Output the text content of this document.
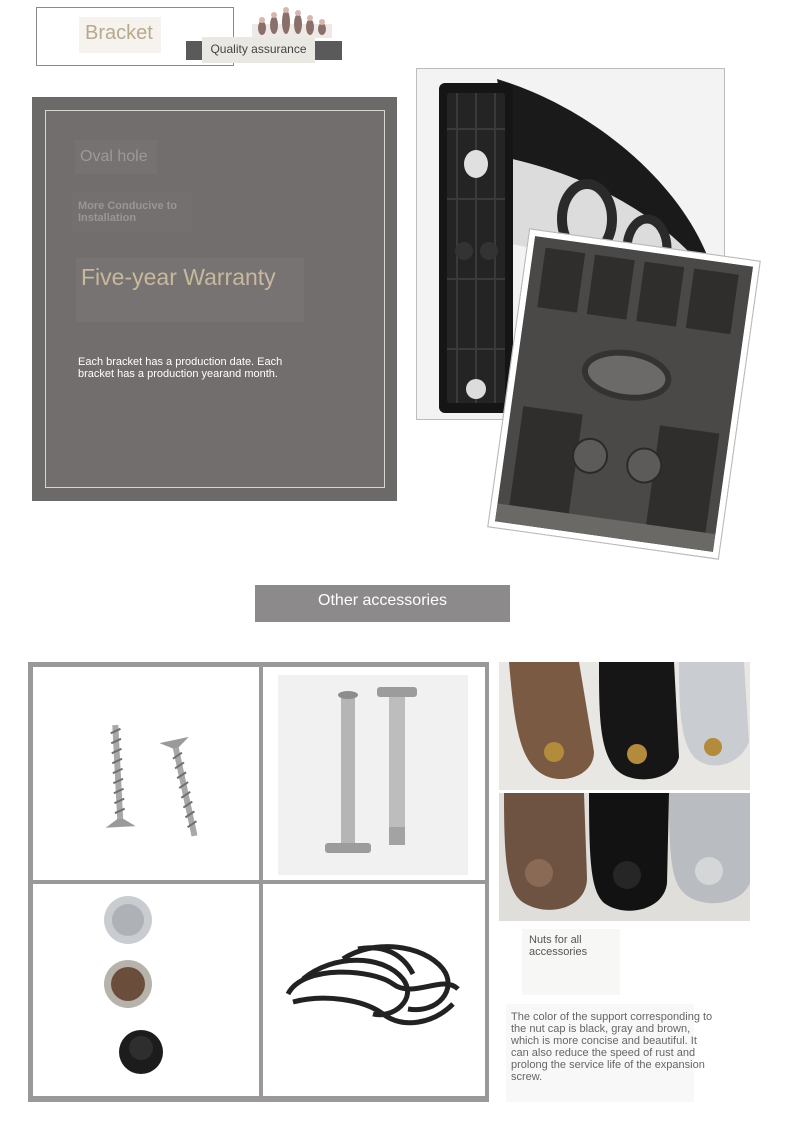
Bracket
Quality assurance
Oval hole
More Conducive to Installation
Five-year Warranty
Each bracket has a production date. Each bracket has a production yearand month.
Other accessories
Nuts for all accessories
The color of the support corresponding to the nut cap is black, gray and brown, which is more concise and beautiful. It can also reduce the speed of rust and prolong the service life of the expansion screw.
